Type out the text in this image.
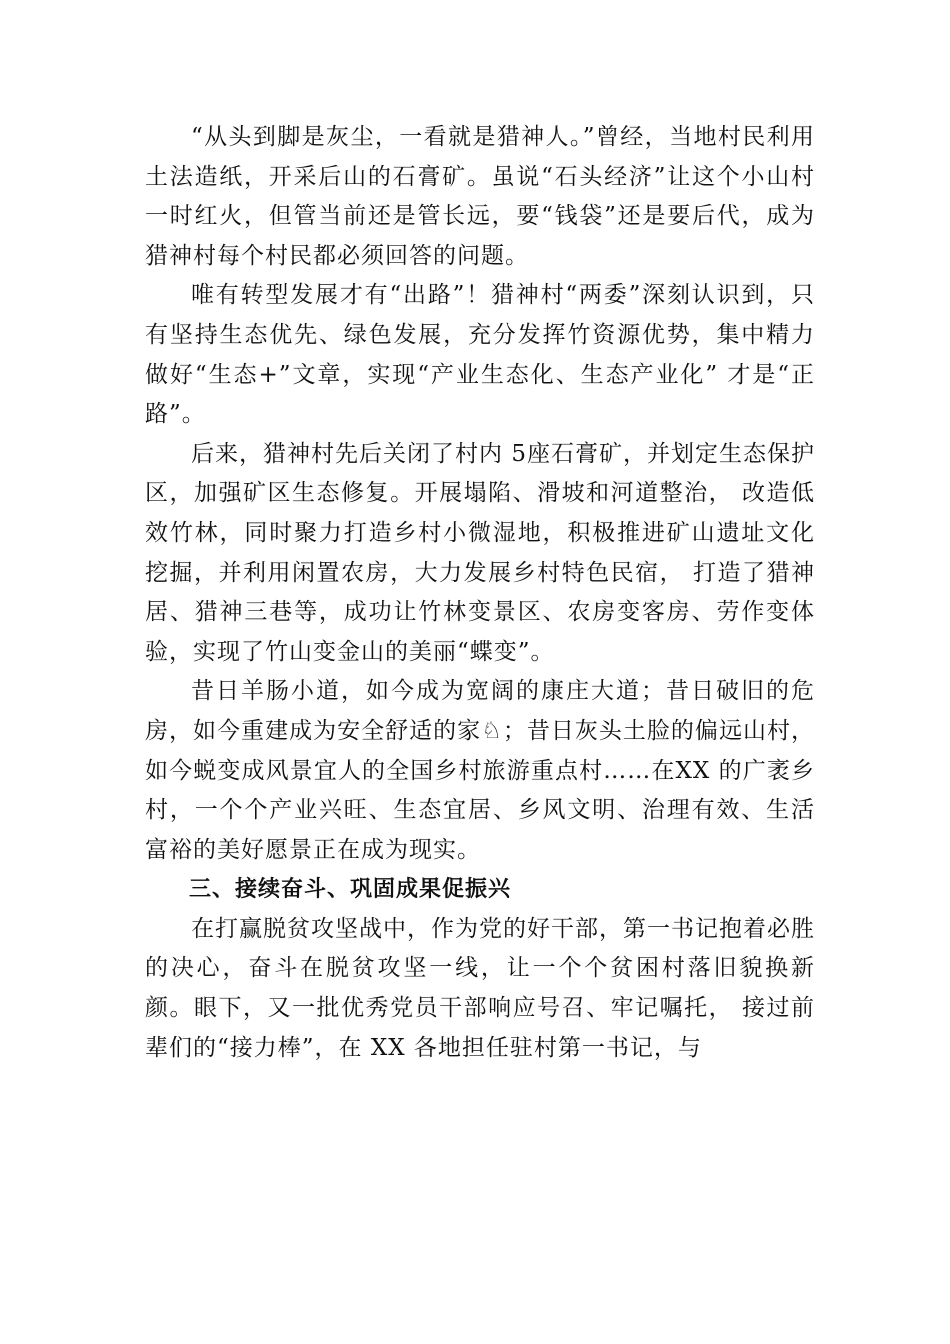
“从头到脚是灰尘，一看就是猎神人。”曾经，当地村民利用土法造纸，开采后山的石膏矿。虽说“石头经济”让这个小山村一时红火，但管当前还是管长远，要“钱袋”还是要后代，成为猎神村每个村民都必须回答的问题。

唯有转型发展才有“出路”！猎神村“两委”深刻认识到，只有坚持生态优先、绿色发展，充分发挥竹资源优势，集中精力做好“生态+”文章，实现“产业生态化、生态产业化” 才是“正路”。

后来，猎神村先后关闭了村内 5座石膏矿，并划定生态保护区，加强矿区生态修复。开展塌陷、滑坡和河道整治， 改造低效竹林，同时聚力打造乡村小微湿地，积极推进矿山遗址文化挖掘，并利用闲置农房，大力发展乡村特色民宿， 打造了猎神居、猎神三巷等，成功让竹林变景区、农房变客房、劳作变体验，实现了竹山变金山的美丽“蝶变”。

昔日羊肠小道，如今成为宽阔的康庄大道；昔日破旧的危房，如今重建成为安全舒适的家♘；昔日灰头土脸的偏远山村，如今蜕变成风景宜人的全国乡村旅游重点村……在XX 的广袤乡村，一个个产业兴旺、生态宜居、乡风文明、治理有效、生活富裕的美好愿景正在成为现实。

三、接续奋斗、巩固成果促振兴

在打赢脱贫攻坚战中，作为党的好干部，第一书记抱着必胜的决心，奋斗在脱贫攻坚一线，让一个个贫困村落旧貌换新颜。眼下，又一批优秀党员干部响应号召、牢记嘱托， 接过前辈们的“接力棒”，在 XX 各地担任驻村第一书记，与
